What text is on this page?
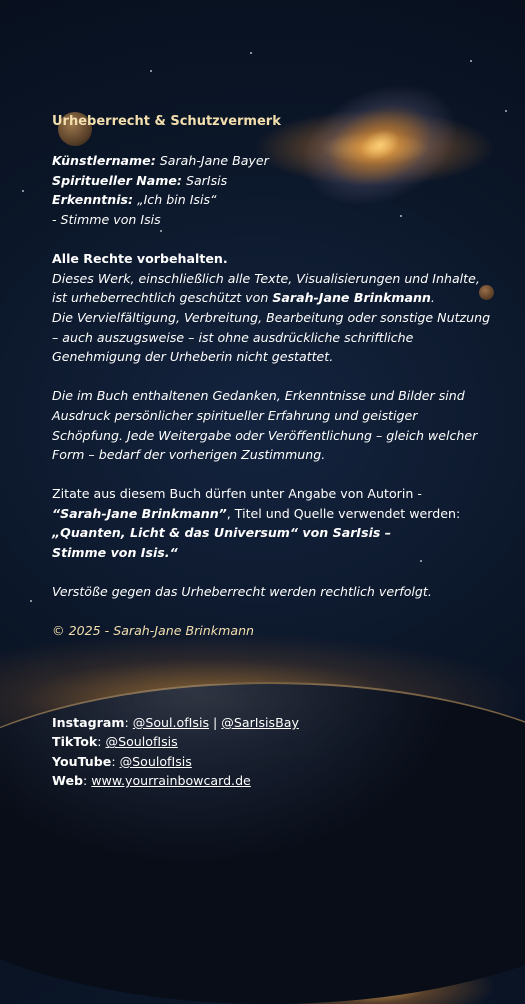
Urheberrecht & Schutzvermerk
Künstlername: Sarah-Jane Bayer
Spiritueller Name: SarIsis
Erkenntnis: „Ich bin Isis“
- Stimme von Isis
Alle Rechte vorbehalten.
Dieses Werk, einschließlich alle Texte, Visualisierungen und Inhalte,
ist urheberrechtlich geschützt von Sarah-Jane Brinkmann.
Die Vervielfältigung, Verbreitung, Bearbeitung oder sonstige Nutzung
– auch auszugsweise – ist ohne ausdrückliche schriftliche
Genehmigung der Urheberin nicht gestattet.
Die im Buch enthaltenen Gedanken, Erkenntnisse und Bilder sind
Ausdruck persönlicher spiritueller Erfahrung und geistiger
Schöpfung. Jede Weitergabe oder Veröffentlichung – gleich welcher
Form – bedarf der vorherigen Zustimmung.
Zitate aus diesem Buch dürfen unter Angabe von Autorin -
“Sarah-Jane Brinkmann”, Titel und Quelle verwendet werden:
„Quanten, Licht & das Universum“ von SarIsis –
Stimme von Isis.“
Verstöße gegen das Urheberrecht werden rechtlich verfolgt.
© 2025 - Sarah-Jane Brinkmann
Instagram: @Soul.ofIsis | @SarIsisBay
TikTok: @SoulofIsis
YouTube: @SoulofIsis
Web: www.yourrainbowcard.de
